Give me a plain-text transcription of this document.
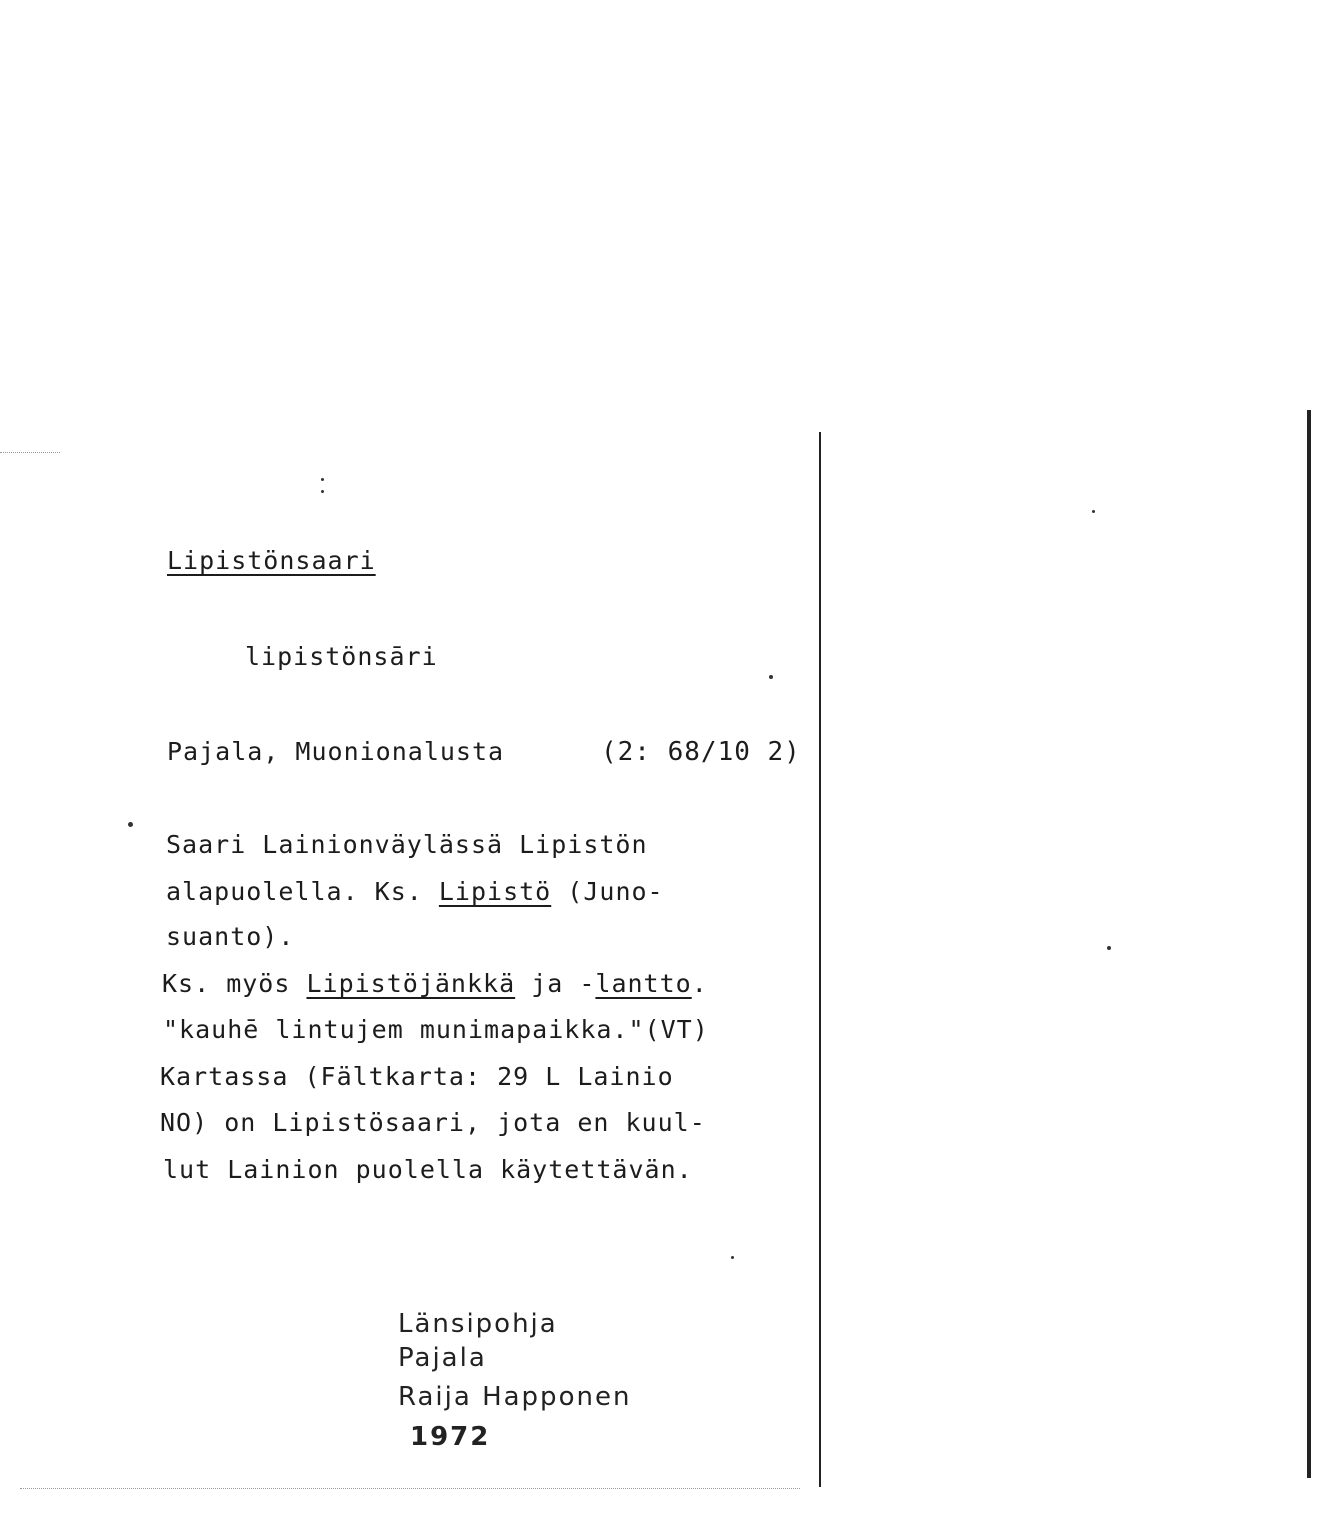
Lipistönsaari
lipistönsāri
Pajala, Muonionalusta	(2: 68/10 2)
Saari Lainionväylässä Lipistön
alapuolella. Ks. Lipistö (Juno-
suanto).
Ks. myös Lipistöjänkkä ja -lantto.
"kauhē lintujem munimapaikka."(VT)
Kartassa (Fältkarta: 29 L Lainio
NO) on Lipistösaari, jota en kuul-
lut Lainion puolella käytettävän.
Länsipohja
Pajala
Raija Happonen
1972
